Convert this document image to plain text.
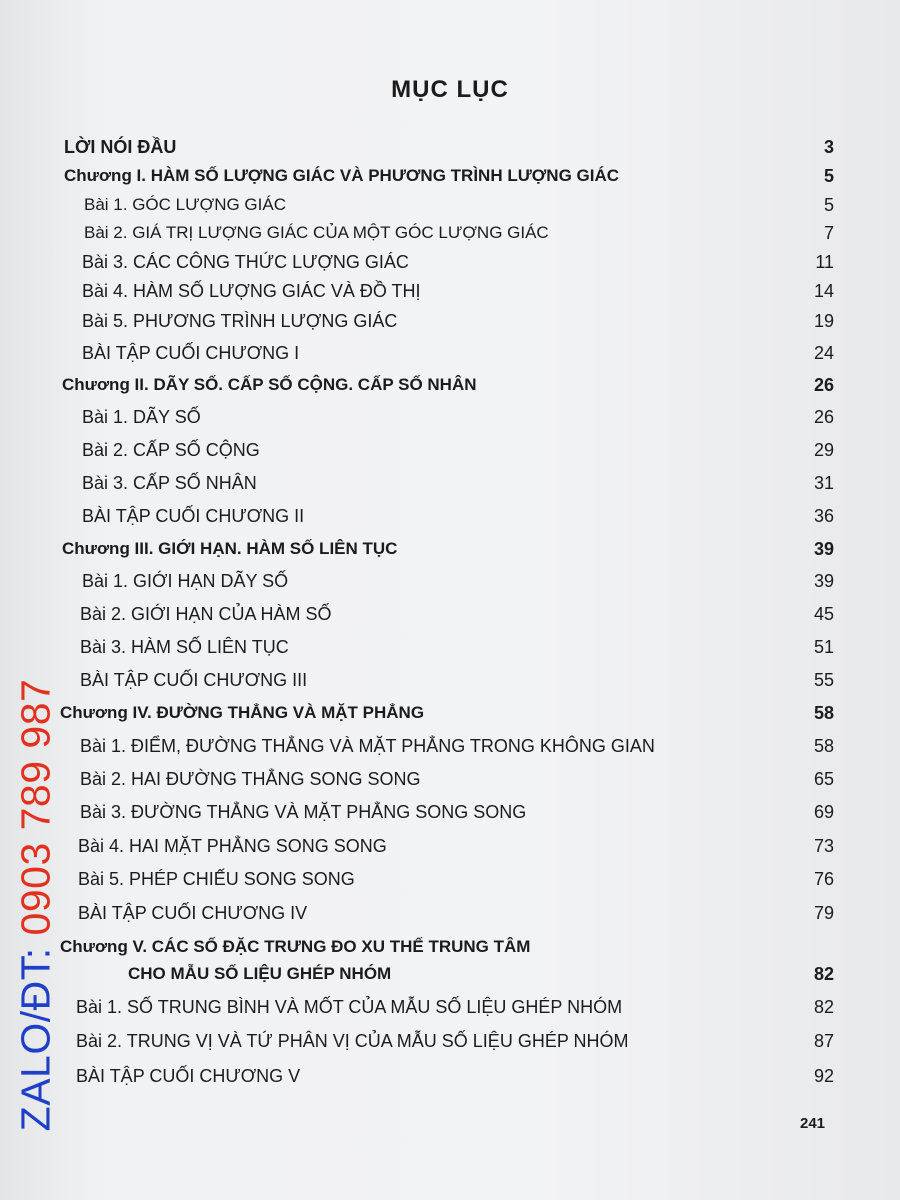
MỤC LỤC
LỜI NÓI ĐẦU	3
Chương I. HÀM SỐ LƯỢNG GIÁC VÀ PHƯƠNG TRÌNH LƯỢNG GIÁC	5
Bài 1. GÓC LƯỢNG GIÁC	5
Bài 2. GIÁ TRỊ LƯỢNG GIÁC CỦA MỘT GÓC LƯỢNG GIÁC	7
Bài 3. CÁC CÔNG THỨC LƯỢNG GIÁC	11
Bài 4. HÀM SỐ LƯỢNG GIÁC VÀ ĐỒ THỊ	14
Bài 5. PHƯƠNG TRÌNH LƯỢNG GIÁC	19
BÀI TẬP CUỐI CHƯƠNG I	24
Chương II. DÃY SỐ. CẤP SỐ CỘNG. CẤP SỐ NHÂN	26
Bài 1. DÃY SỐ	26
Bài 2. CẤP SỐ CỘNG	29
Bài 3. CẤP SỐ NHÂN	31
BÀI TẬP CUỐI CHƯƠNG II	36
Chương III. GIỚI HẠN. HÀM SỐ LIÊN TỤC	39
Bài 1. GIỚI HẠN DÃY SỐ	39
Bài 2. GIỚI HẠN CỦA HÀM SỐ	45
Bài 3. HÀM SỐ LIÊN TỤC	51
BÀI TẬP CUỐI CHƯƠNG III	55
Chương IV. ĐƯỜNG THẲNG VÀ MẶT PHẲNG	58
Bài 1. ĐIỂM, ĐƯỜNG THẲNG VÀ MẶT PHẲNG TRONG KHÔNG GIAN	58
Bài 2. HAI ĐƯỜNG THẲNG SONG SONG	65
Bài 3. ĐƯỜNG THẲNG VÀ MẶT PHẲNG SONG SONG	69
Bài 4. HAI MẶT PHẲNG SONG SONG	73
Bài 5. PHÉP CHIẾU SONG SONG	76
BÀI TẬP CUỐI CHƯƠNG IV	79
Chương V. CÁC SỐ ĐẶC TRƯNG ĐO XU THẾ TRUNG TÂM
CHO MẪU SỐ LIỆU GHÉP NHÓM	82
Bài 1. SỐ TRUNG BÌNH VÀ MỐT CỦA MẪU SỐ LIỆU GHÉP NHÓM	82
Bài 2. TRUNG VỊ VÀ TỨ PHÂN VỊ CỦA MẪU SỐ LIỆU GHÉP NHÓM	87
BÀI TẬP CUỐI CHƯƠNG V	92
241
ZALO/ĐT: 0903 789 987
